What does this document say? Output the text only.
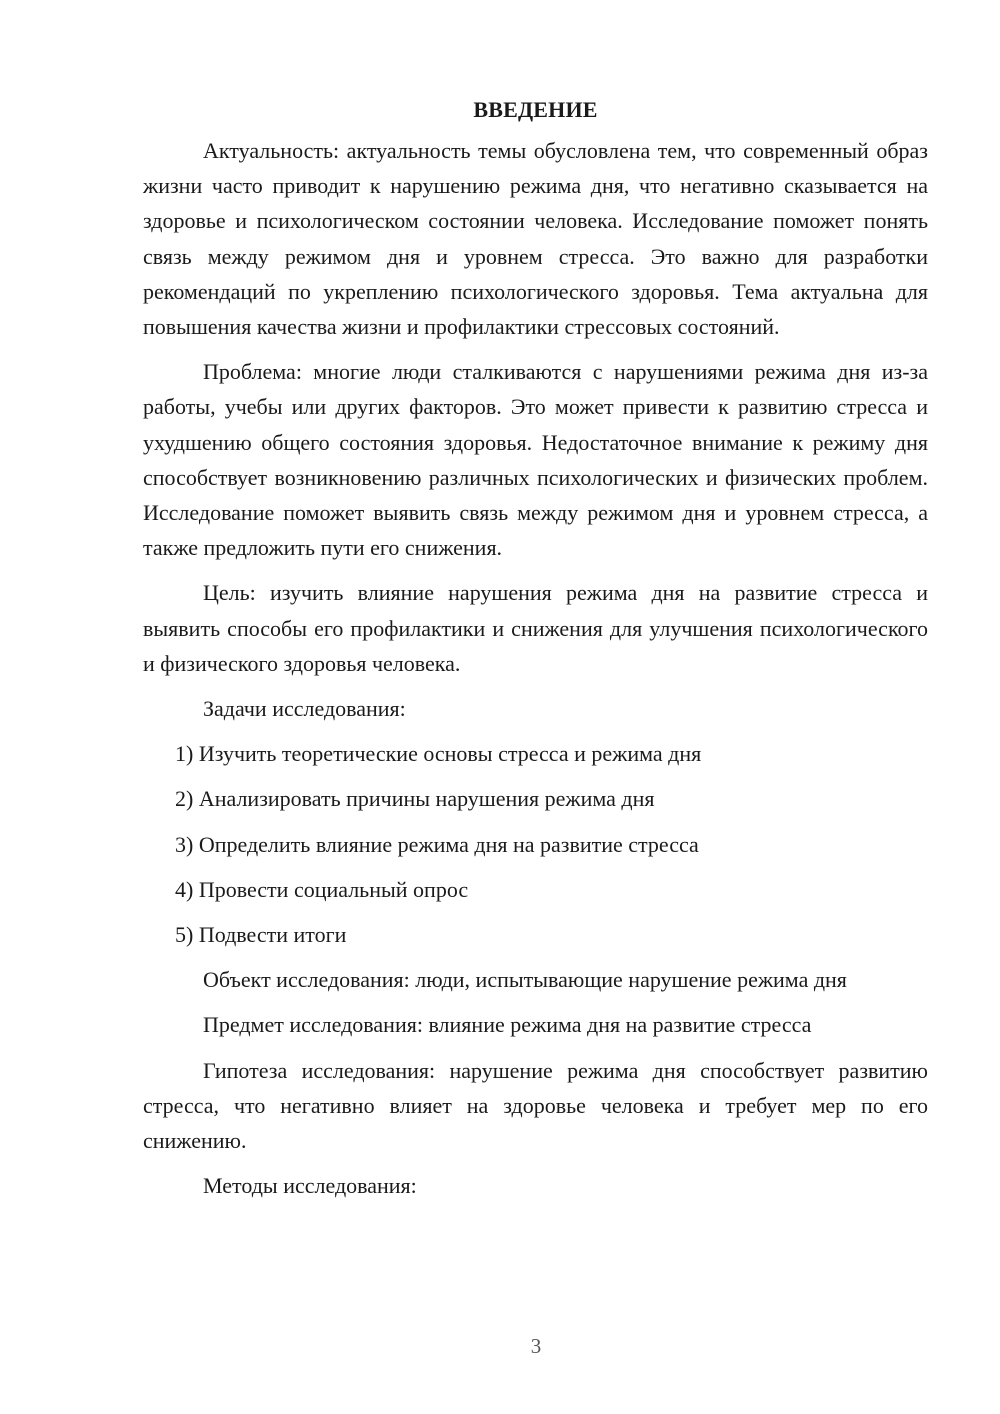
ВВЕДЕНИЕ

Актуальность: актуальность темы обусловлена тем, что современный образ жизни часто приводит к нарушению режима дня, что негативно сказывается на здоровье и психологическом состоянии человека. Исследование поможет понять связь между режимом дня и уровнем стресса. Это важно для разработки рекомендаций по укреплению психологического здоровья. Тема актуальна для повышения качества жизни и профилактики стрессовых состояний.

Проблема: многие люди сталкиваются с нарушениями режима дня из-за работы, учебы или других факторов. Это может привести к развитию стресса и ухудшению общего состояния здоровья. Недостаточное внимание к режиму дня способствует возникновению различных психологических и физических проблем. Исследование поможет выявить связь между режимом дня и уровнем стресса, а также предложить пути его снижения.

Цель: изучить влияние нарушения режима дня на развитие стресса и выявить способы его профилактики и снижения для улучшения психологического и физического здоровья человека.

Задачи исследования:
1) Изучить теоретические основы стресса и режима дня
2) Анализировать причины нарушения режима дня
3) Определить влияние режима дня на развитие стресса
4) Провести социальный опрос
5) Подвести итоги
Объект исследования: люди, испытывающие нарушение режима дня
Предмет исследования: влияние режима дня на развитие стресса

Гипотеза исследования: нарушение режима дня способствует развитию стресса, что негативно влияет на здоровье человека и требует мер по его снижению.

Методы исследования:
3
